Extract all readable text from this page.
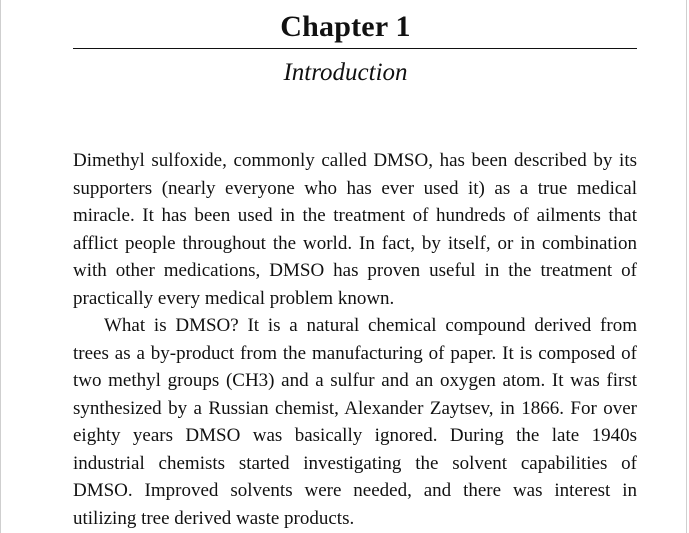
Chapter 1
Introduction

Dimethyl sulfoxide, commonly called DMSO, has been described by its supporters (nearly everyone who has ever used it) as a true medical miracle. It has been used in the treatment of hundreds of ailments that afflict people throughout the world. In fact, by itself, or in combination with other medications, DMSO has proven useful in the treatment of practically every medical problem known.

What is DMSO? It is a natural chemical compound derived from trees as a by-product from the manufacturing of paper. It is composed of two methyl groups (CH3) and a sulfur and an oxygen atom. It was first synthesized by a Russian chemist, Alexander Zaytsev, in 1866. For over eighty years DMSO was basically ignored. During the late 1940s industrial chemists started investigating the solvent capabilities of DMSO. Improved solvents were needed, and there was interest in utilizing tree derived waste products.
